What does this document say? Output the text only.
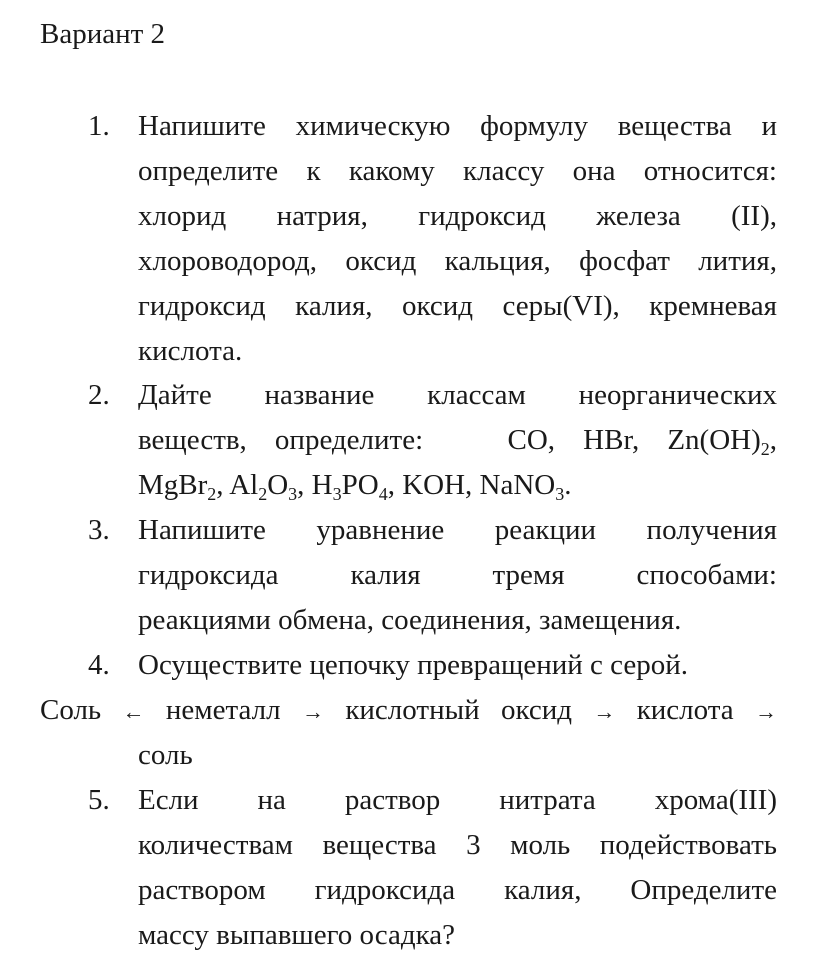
Вариант 2
1. Напишите химическую формулу вещества и
определите к какому классу она относится:
хлорид натрия, гидроксид железа (II),
хлороводород, оксид кальция, фосфат лития,
гидроксид калия, оксид серы(VI), кремневая
кислота.
2. Дайте название классам неорганических
веществ, определите:	CO, HBr, $Zn(OH)_2$,
MgBr$_2$, $Al_2O_3$, $H_3PO_4$, KOH, NaNO$_3$.
3. Напишите уравнение реакции получения
гидроксида калия тремя способами:
реакциями обмена, соединения, замещения.
4. Осуществите цепочку превращений с серой.
Соль ← неметалл → кислотный оксид → кислота →
соль
5. Если на раствор нитрата хрома(III)
количествам вещества 3 моль подействовать
раствором гидроксида калия, Определите
массу выпавшего осадка?
